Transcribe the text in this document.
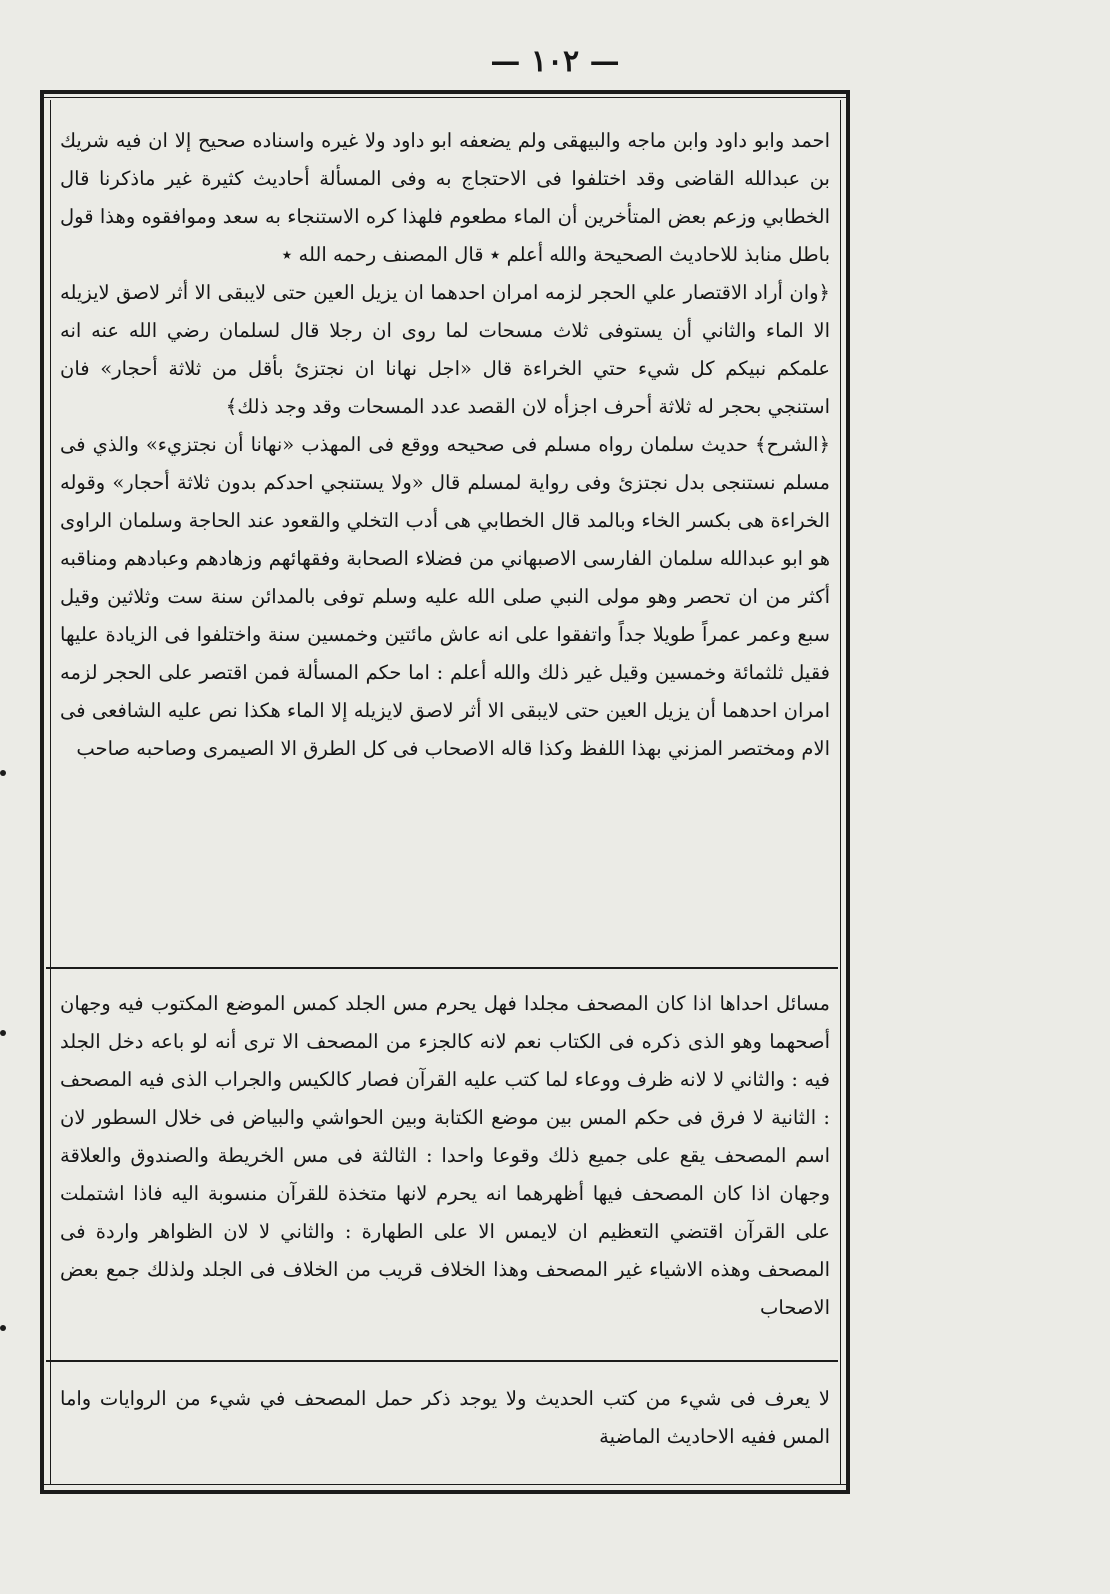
— ١٠٢ —

احمد وابو داود وابن ماجه والبيهقى ولم يضعفه ابو داود ولا غيره واسناده صحيح إلا ان فيه شريك بن عبدالله القاضى وقد اختلفوا فى الاحتجاج به وفى المسألة أحاديث كثيرة غير ماذكرنا قال الخطابي وزعم بعض المتأخرين أن الماء مطعوم فلهذا كره الاستنجاء به سعد وموافقوه وهذا قول باطل منابذ للاحاديث الصحيحة والله أعلم ٭ قال المصنف رحمه الله ٭

﴿وان أراد الاقتصار علي الحجر لزمه امران احدهما ان يزيل العين حتى لايبقى الا أثر لاصق لايزيله الا الماء والثاني أن يستوفى ثلاث مسحات لما روى ان رجلا قال لسلمان رضي الله عنه انه علمكم نبيكم كل شيء حتي الخراءة قال «اجل نهانا ان نجتزئ بأقل من ثلاثة أحجار» فان استنجي بحجر له ثلاثة أحرف اجزأه لان القصد عدد المسحات وقد وجد ذلك﴾

﴿الشرح﴾ حديث سلمان رواه مسلم فى صحيحه ووقع فى المهذب «نهانا أن نجتزيء» والذي فى مسلم نستنجى بدل نجتزئ وفى رواية لمسلم قال «ولا يستنجي احدكم بدون ثلاثة أحجار» وقوله الخراءة هى بكسر الخاء وبالمد قال الخطابي هى أدب التخلي والقعود عند الحاجة وسلمان الراوى هو ابو عبدالله سلمان الفارسى الاصبهاني من فضلاء الصحابة وفقهائهم وزهادهم وعبادهم ومناقبه أكثر من ان تحصر وهو مولى النبي صلى الله عليه وسلم توفى بالمدائن سنة ست وثلاثين وقيل سبع وعمر عمراً طويلا جداً واتفقوا على انه عاش مائتين وخمسين سنة واختلفوا فى الزيادة عليها فقيل ثلثمائة وخمسين وقيل غير ذلك والله أعلم : اما حكم المسألة فمن اقتصر على الحجر لزمه امران احدهما أن يزيل العين حتى لايبقى الا أثر لاصق لايزيله إلا الماء هكذا نص عليه الشافعى فى الام ومختصر المزني بهذا اللفظ وكذا قاله الاصحاب فى كل الطرق الا الصيمرى وصاحبه صاحب

مسائل احداها اذا كان المصحف مجلدا فهل يحرم مس الجلد كمس الموضع المكتوب فيه وجهان أصحهما وهو الذى ذكره فى الكتاب نعم لانه كالجزء من المصحف الا ترى أنه لو باعه دخل الجلد فيه : والثاني لا لانه ظرف ووعاء لما كتب عليه القرآن فصار كالكيس والجراب الذى فيه المصحف : الثانية لا فرق فى حكم المس بين موضع الكتابة وبين الحواشي والبياض فى خلال السطور لان اسم المصحف يقع على جميع ذلك وقوعا واحدا : الثالثة فى مس الخريطة والصندوق والعلاقة وجهان اذا كان المصحف فيها أظهرهما انه يحرم لانها متخذة للقرآن منسوبة اليه فاذا اشتملت على القرآن اقتضي التعظيم ان لايمس الا على الطهارة : والثاني لا لان الظواهر واردة فى المصحف وهذه الاشياء غير المصحف وهذا الخلاف قريب من الخلاف فى الجلد ولذلك جمع بعض الاصحاب

لا يعرف فى شيء من كتب الحديث ولا يوجد ذكر حمل المصحف في شيء من الروايات واما المس ففيه الاحاديث الماضية
